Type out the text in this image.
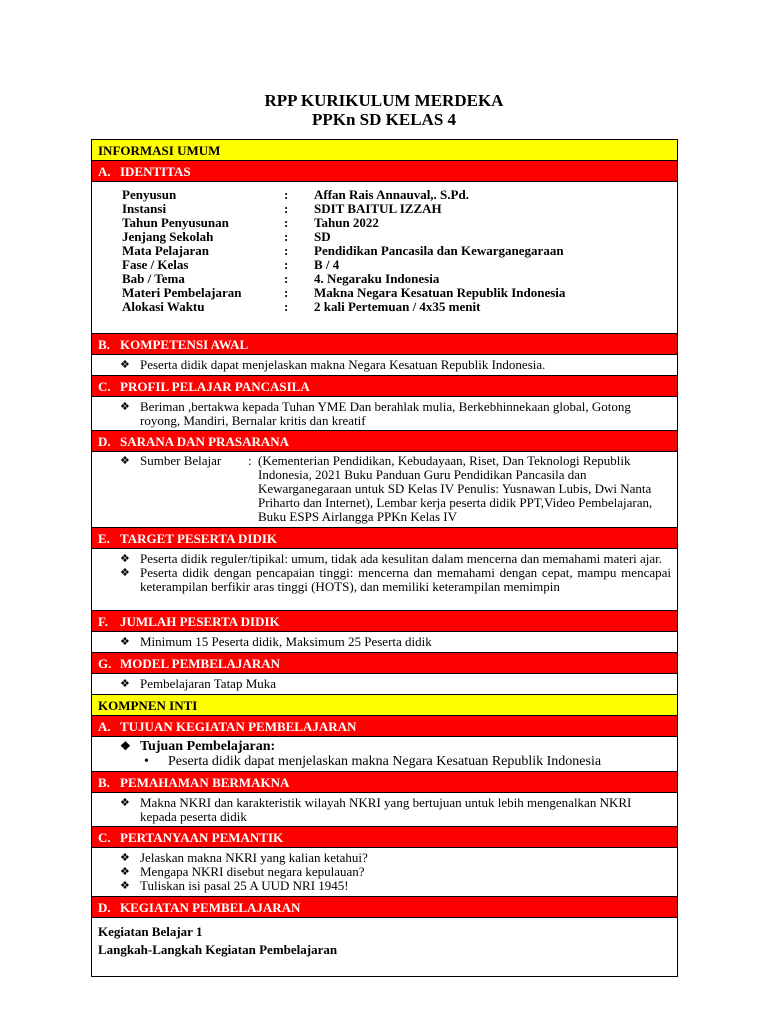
RPP KURIKULUM MERDEKA
PPKn SD KELAS 4
INFORMASI UMUM
A. IDENTITAS
Penyusun	:	Affan Rais Annauval,. S.Pd.
Instansi	:	SDIT BAITUL IZZAH
Tahun Penyusunan	:	Tahun 2022
Jenjang Sekolah	:	SD
Mata Pelajaran	:	Pendidikan Pancasila dan Kewarganegaraan
Fase / Kelas	:	B / 4
Bab / Tema	:	4. Negaraku Indonesia
Materi Pembelajaran	:	Makna Negara Kesatuan Republik Indonesia
Alokasi Waktu	:	2 kali Pertemuan / 4x35 menit
B. KOMPETENSI AWAL
❖ Peserta didik dapat menjelaskan makna Negara Kesatuan Republik Indonesia.
C. PROFIL PELAJAR PANCASILA
❖ Beriman ,bertakwa kepada Tuhan YME Dan berahlak mulia, Berkebhinnekaan global, Gotong royong, Mandiri, Bernalar kritis dan kreatif
D. SARANA DAN PRASARANA
❖ Sumber Belajar	: (Kementerian Pendidikan, Kebudayaan, Riset, Dan Teknologi Republik Indonesia, 2021 Buku Panduan Guru Pendidikan Pancasila dan Kewarganegaraan untuk SD Kelas IV Penulis: Yusnawan Lubis, Dwi Nanta Priharto dan Internet), Lembar kerja peserta didik PPT,Video Pembelajaran, Buku ESPS Airlangga PPKn Kelas IV
E. TARGET PESERTA DIDIK
❖ Peserta didik reguler/tipikal: umum, tidak ada kesulitan dalam mencerna dan memahami materi ajar.
❖ Peserta didik dengan pencapaian tinggi: mencerna dan memahami dengan cepat, mampu mencapai keterampilan berfikir aras tinggi (HOTS), dan memiliki keterampilan memimpin
F. JUMLAH PESERTA DIDIK
❖ Minimum 15 Peserta didik, Maksimum 25 Peserta didik
G. MODEL PEMBELAJARAN
❖ Pembelajaran Tatap Muka
KOMPNEN INTI
A. TUJUAN KEGIATAN PEMBELAJARAN
❖ Tujuan Pembelajaran:
•	Peserta didik dapat menjelaskan makna Negara Kesatuan Republik Indonesia
B. PEMAHAMAN BERMAKNA
❖ Makna NKRI dan karakteristik wilayah NKRI yang bertujuan untuk lebih mengenalkan NKRI kepada peserta didik
C. PERTANYAAN PEMANTIK
❖ Jelaskan makna NKRI yang kalian ketahui?
❖ Mengapa NKRI disebut negara kepulauan?
❖ Tuliskan isi pasal 25 A UUD NRI 1945!
D. KEGIATAN PEMBELAJARAN
Kegiatan Belajar 1
Langkah-Langkah Kegiatan Pembelajaran
